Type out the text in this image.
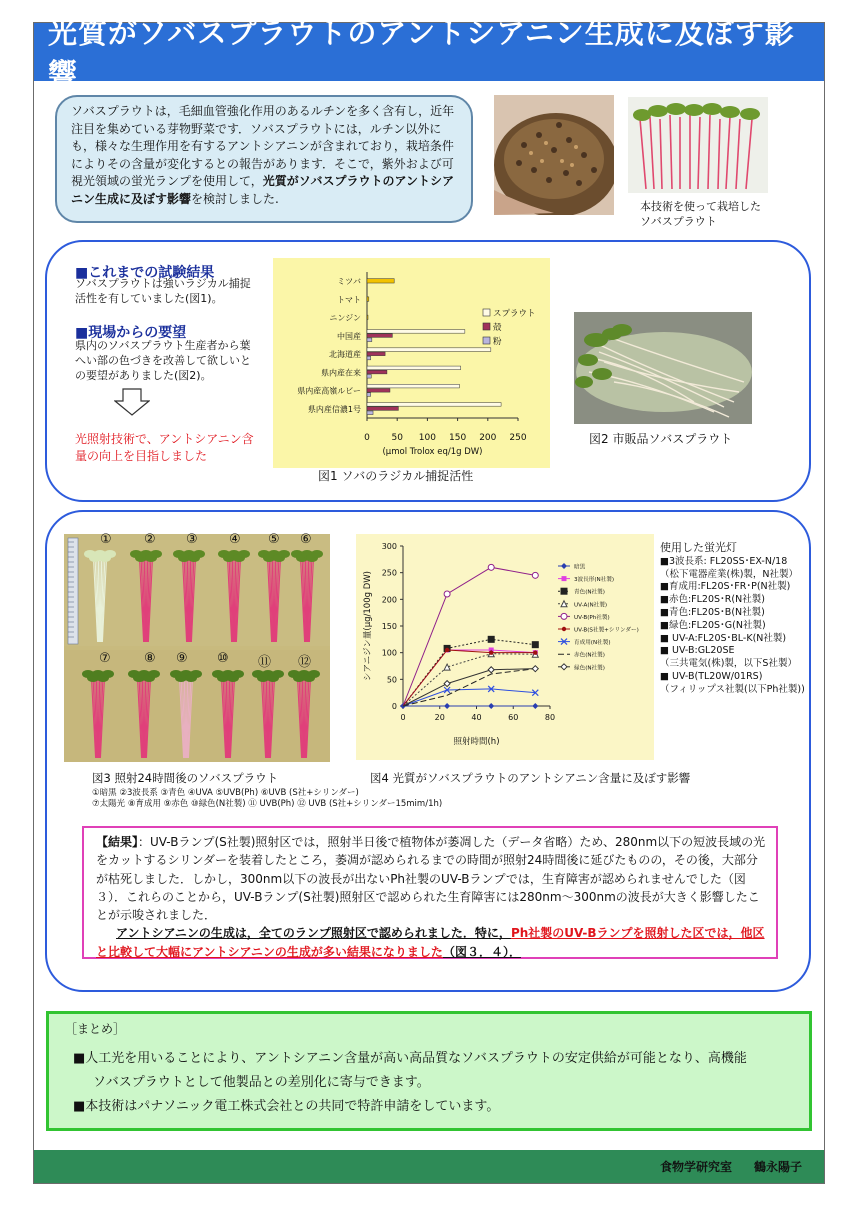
光質がソバスプラウトのアントシアニン生成に及ぼす影響
ソバスプラウトは，毛細血管強化作用のあるルチンを多く含有し，近年注目を集めている芽物野菜です．ソバスプラウトには，ルチン以外にも，様々な生理作用を有するアントシアニンが含まれており，栽培条件によりその含量が変化するとの報告があります．そこで，紫外および可視光領域の蛍光ランプを使用して，光質がソバスプラウトのアントシアニン生成に及ぼす影響を検討しました.
本技術を使って栽培した
ソバスプラウト
■これまでの試験結果
ソバスプラウトは強いラジカル捕捉活性を有していました(図1)。
■現場からの要望
県内のソバスプラウト生産者から葉へい部の色づきを改善して欲しいとの要望がありました(図2)。
光照射技術で、アントシアニン含量の向上を目指しました
0 50 100 150 200 250
(μmol Trolox eq/1g DW)
ミツバ
トマト
ニンジン
中国産
北海道産
県内産在来
県内産高嶺ルビー
県内産信濃1号
スプラウト
殻
粉
図1 ソバのラジカル捕捉活性
図2 市販品ソバスプラウト
① ② ③ ④ ⑤ ⑥
⑦	⑧ ⑨ ⑩ ⑪ ⑫
図3 照射24時間後のソバスプラウト	図4 光質がソバスプラウトのアントシアニン含量に及ぼす影響
①暗黒 ②3波長系 ③青色 ④UVA ⑤UVB(Ph) ⑥UVB (S社+シリンダー)
⑦太陽光 ⑧育成用 ⑨赤色 ⑩緑色(N社製) ⑪ UVB(Ph) ⑫ UVB (S社+シリンダー15mim/1h)
0
50
100
150
200
250
300
0	20	40	60	80
照射時間(h)
シアニジン量(μg/100g DW)
暗黒
3波長形(N社製)
青色(N社製)
UV-A(N社製)
UV-B(Ph社製)
UV-B(S社製+シリンダー)
育成用(N社製)
赤色(N社製)
緑色(N社製)
使用した蛍光灯
■3波長系: FL20SS･EX-N/18
（松下電器産業(株)製，N社製）
■育成用:FL20S･FR･P(N社製)
■赤色:FL20S･R(N社製)
■青色:FL20S･B(N社製)
■緑色:FL20S･G(N社製)
■ UV-A:FL20S･BL-K(N社製)
■ UV-B:GL20SE
（三共電気(株)製，以下S社製）
■ UV-B(TL20W/01RS)
（フィリップス社製(以下Ph社製))
【結果】：UV-Bランプ(S社製)照射区では，照射半日後で植物体が萎凋した（データ省略）ため、280nm以下の短波長域の光をカットするシリンダーを装着したところ，萎凋が認められるまでの時間が照射24時間後に延びたものの，その後，大部分が枯死しました．しかし，300nm以下の波長が出ないPh社製のUV-Bランプでは，生育障害が認められませんでした（図３）．これらのことから，UV-Bランプ(S社製)照射区で認められた生育障害には280nm～300nmの波長が大きく影響したことが示唆されました．
アントシアニンの生成は，全てのランプ照射区で認められました．特に，Ph社製のUV-Bランプを照射した区では，他区と比較して大幅にアントシアニンの生成が多い結果になりました（図３．４）．
［まとめ］
■人工光を用いることにより、アントシアニン含量が高い高品質なソバスプラウトの安定供給が可能となり、高機能
ソバスプラウトとして他製品との差別化に寄与できます。
■本技術はパナソニック電工株式会社との共同で特許申請をしています。
食物学研究室 鶴永陽子
